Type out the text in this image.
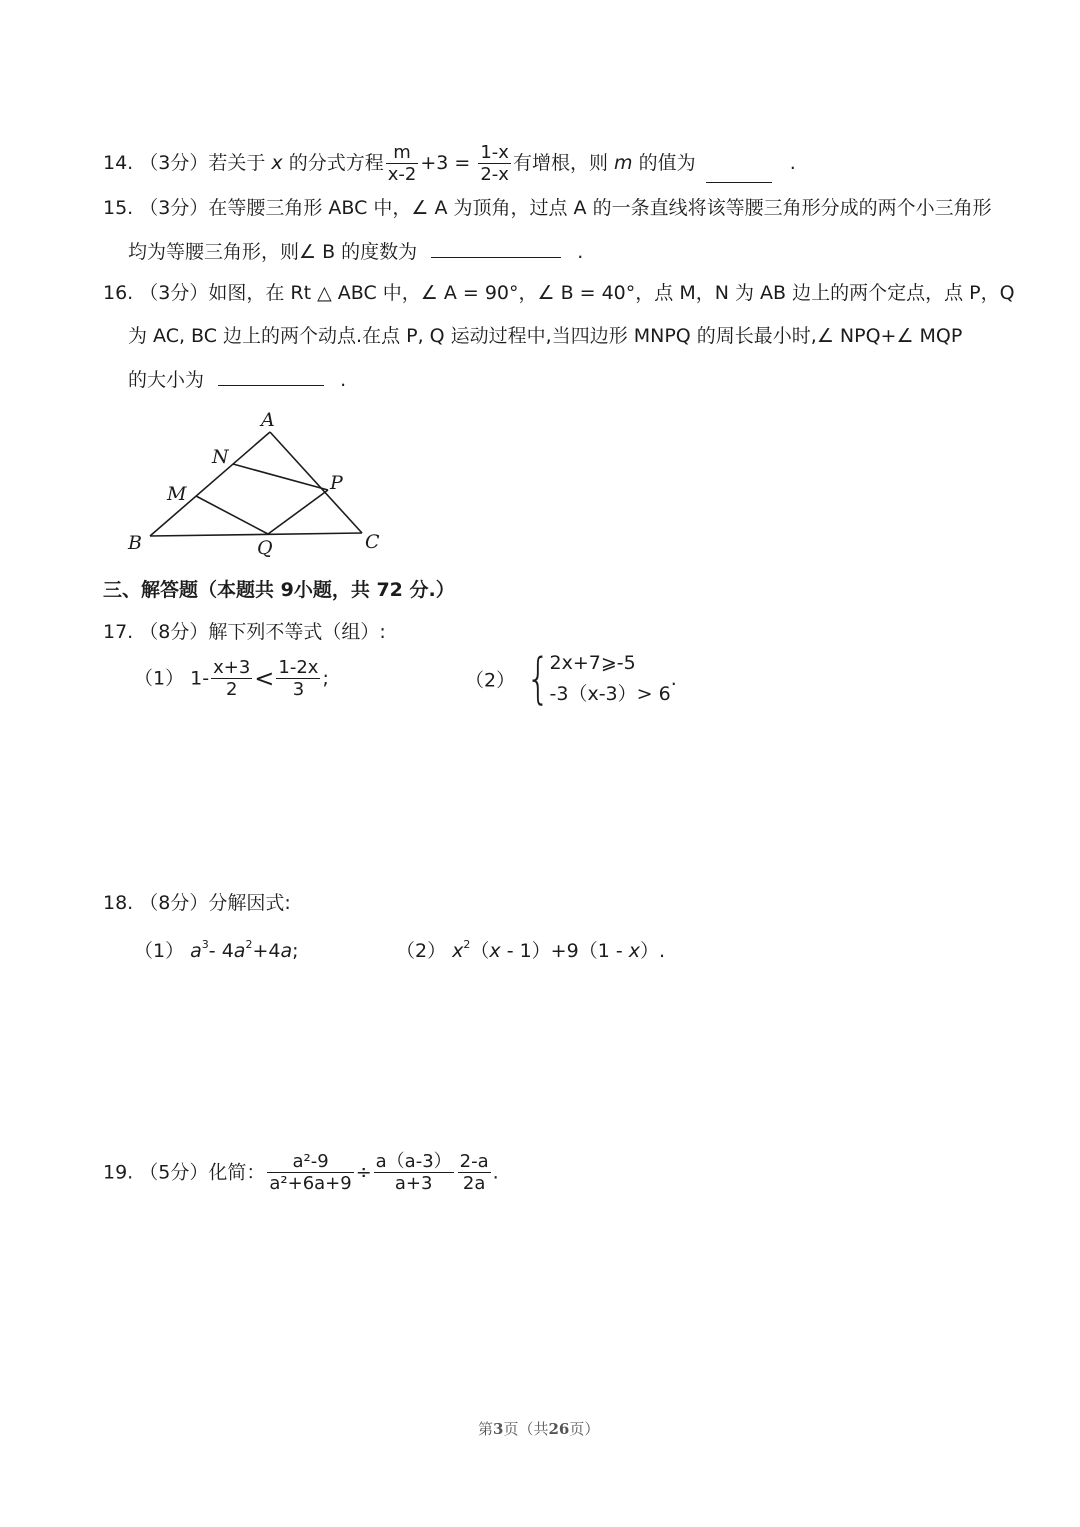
14. （3分）若关于 x 的分式方程 $\frac{m}{x-2} +3 = \frac{1-x}{2-x}$ 有增根，则 m 的值为	.
15. （3分）在等腰三角形 ABC 中，∠ A 为顶角，过点 A 的一条直线将该等腰三角形分成的两个小三角形
均为等腰三角形，则∠ B 的度数为	.
16. （3分）如图，在 Rt △ ABC 中，∠ A = 90°，∠ B = 40°，点 M，N 为 AB 边上的两个定点，点 P，Q
为 AC, BC 边上的两个动点.在点 P, Q 运动过程中,当四边形 MNPQ 的周长最小时,∠ NPQ+∠ MQP
的大小为	.
A
B	C
M
N
P
Q
三、解答题（本题共 9小题，共 72 分.）
17. （8分）解下列不等式（组）:
（1） $1- \frac{x+3}{2} < \frac{1-2x}{3}$ ;	（2） { 2x+7⩾-5
-3（x-3）> 6
.
18. （8分）分解因式:
（1） $a^3-$ $4a^2+4a$;	（2） $x^2(x - 1)+9(1 - x)$.
19. （5分）化简： $\frac{\text{a²-9}}{\text{a²+6a+9}} \div \frac{a(a-3)}{a+3} \frac{2-a}{2a}$ .
第3页（共26页）
